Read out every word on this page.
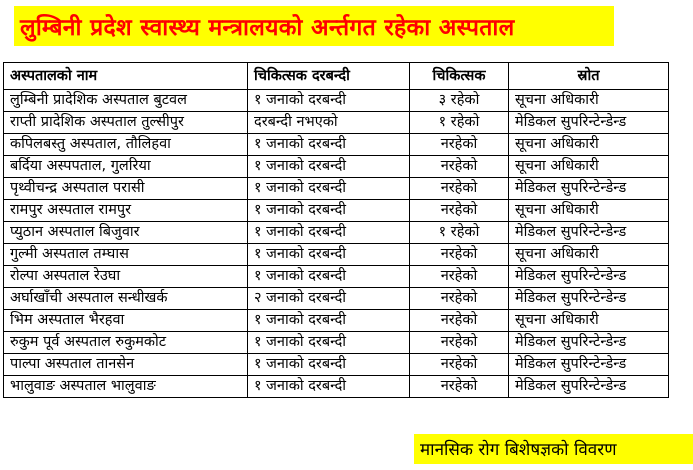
लुम्बिनी प्रदेश स्वास्थ्य मन्त्रालयको अर्न्तगत रहेका अस्पताल
अस्पतालको नाम	चिकित्सक दरबन्दी	चिकित्सक	स्रोत
लुम्बिनी प्रादेशिक अस्पताल बुटवल	१ जनाको दरबन्दी	३ रहेको	सूचना अधिकारी
राप्ती प्रादेशिक अस्पताल तुल्सीपुर	दरबन्दी नभएको	१ रहेको	मेडिकल सुपरिन्टेन्डेन्ड
कपिलबस्तु अस्पताल, तौलिहवा	१ जनाको दरबन्दी	नरहेको	सूचना अधिकारी
बर्दिया अस्पपताल, गुलरिया	१ जनाको दरबन्दी	नरहेको	सूचना अधिकारी
पृथ्वीचन्द्र अस्पताल परासी	१ जनाको दरबन्दी	नरहेको	मेडिकल सुपरिन्टेन्डेन्ड
रामपुर अस्पताल रामपुर	१ जनाको दरबन्दी	नरहेको	सूचना अधिकारी
प्युठान अस्पताल बिजुवार	१ जनाको दरबन्दी	१ रहेको	मेडिकल सुपरिन्टेन्डेन्ड
गुल्मी अस्पताल तम्घास	१ जनाको दरबन्दी	नरहेको	सूचना अधिकारी
रोल्पा अस्पताल रेउघा	१ जनाको दरबन्दी	नरहेको	मेडिकल सुपरिन्टेन्डेन्ड
अर्घाखाँची अस्पताल सन्धीखर्क	२ जनाको दरबन्दी	नरहेको	मेडिकल सुपरिन्टेन्डेन्ड
भिम अस्पताल भैरहवा	१ जनाको दरबन्दी	नरहेको	सूचना अधिकारी
रुकुम पूर्व अस्पताल रुकुमकोट	१ जनाको दरबन्दी	नरहेको	मेडिकल सुपरिन्टेन्डेन्ड
पाल्पा अस्पताल तानसेन	१ जनाको दरबन्दी	नरहेको	मेडिकल सुपरिन्टेन्डेन्ड
भालुवाङ अस्पताल भालुवाङ	१ जनाको दरबन्दी	नरहेको	मेडिकल सुपरिन्टेन्डेन्ड
मानसिक रोग बिशेषज्ञको विवरण
